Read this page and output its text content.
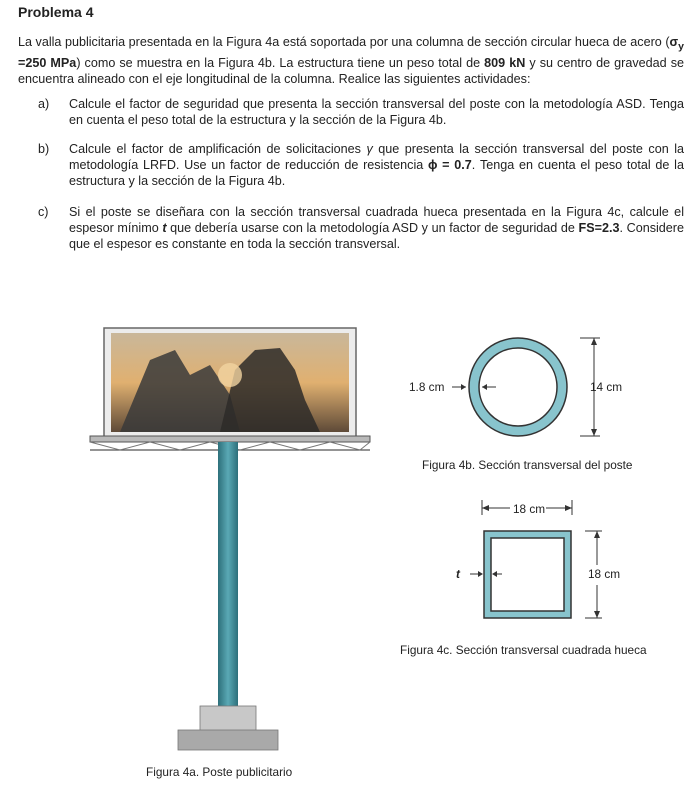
Problema 4
La valla publicitaria presentada en la Figura 4a está soportada por una columna de sección circular hueca de acero ($\sigma_y =250$ MPa) como se muestra en la Figura 4b. La estructura tiene un peso total de 809 kN y su centro de gravedad se encuentra alineado con el eje longitudinal de la columna. Realice las siguientes actividades:
a) Calcule el factor de seguridad que presenta la sección transversal del poste con la metodología ASD. Tenga en cuenta el peso total de la estructura y la sección de la Figura 4b.
b) Calcule el factor de amplificación de solicitaciones γ que presenta la sección transversal del poste con la metodología LRFD. Use un factor de reducción de resistencia ϕ = 0.7. Tenga en cuenta el peso total de la estructura y la sección de la Figura 4b.
c) Si el poste se diseñara con la sección transversal cuadrada hueca presentada en la Figura 4c, calcule el espesor mínimo t que debería usarse con la metodología ASD y un factor de seguridad de FS=2.3. Considere que el espesor es constante en toda la sección transversal.
Figura 4a. Poste publicitario
1.8 cm	14 cm
Figura 4b. Sección transversal del poste
18 cm
18 cm
t
Figura 4c. Sección transversal cuadrada hueca
